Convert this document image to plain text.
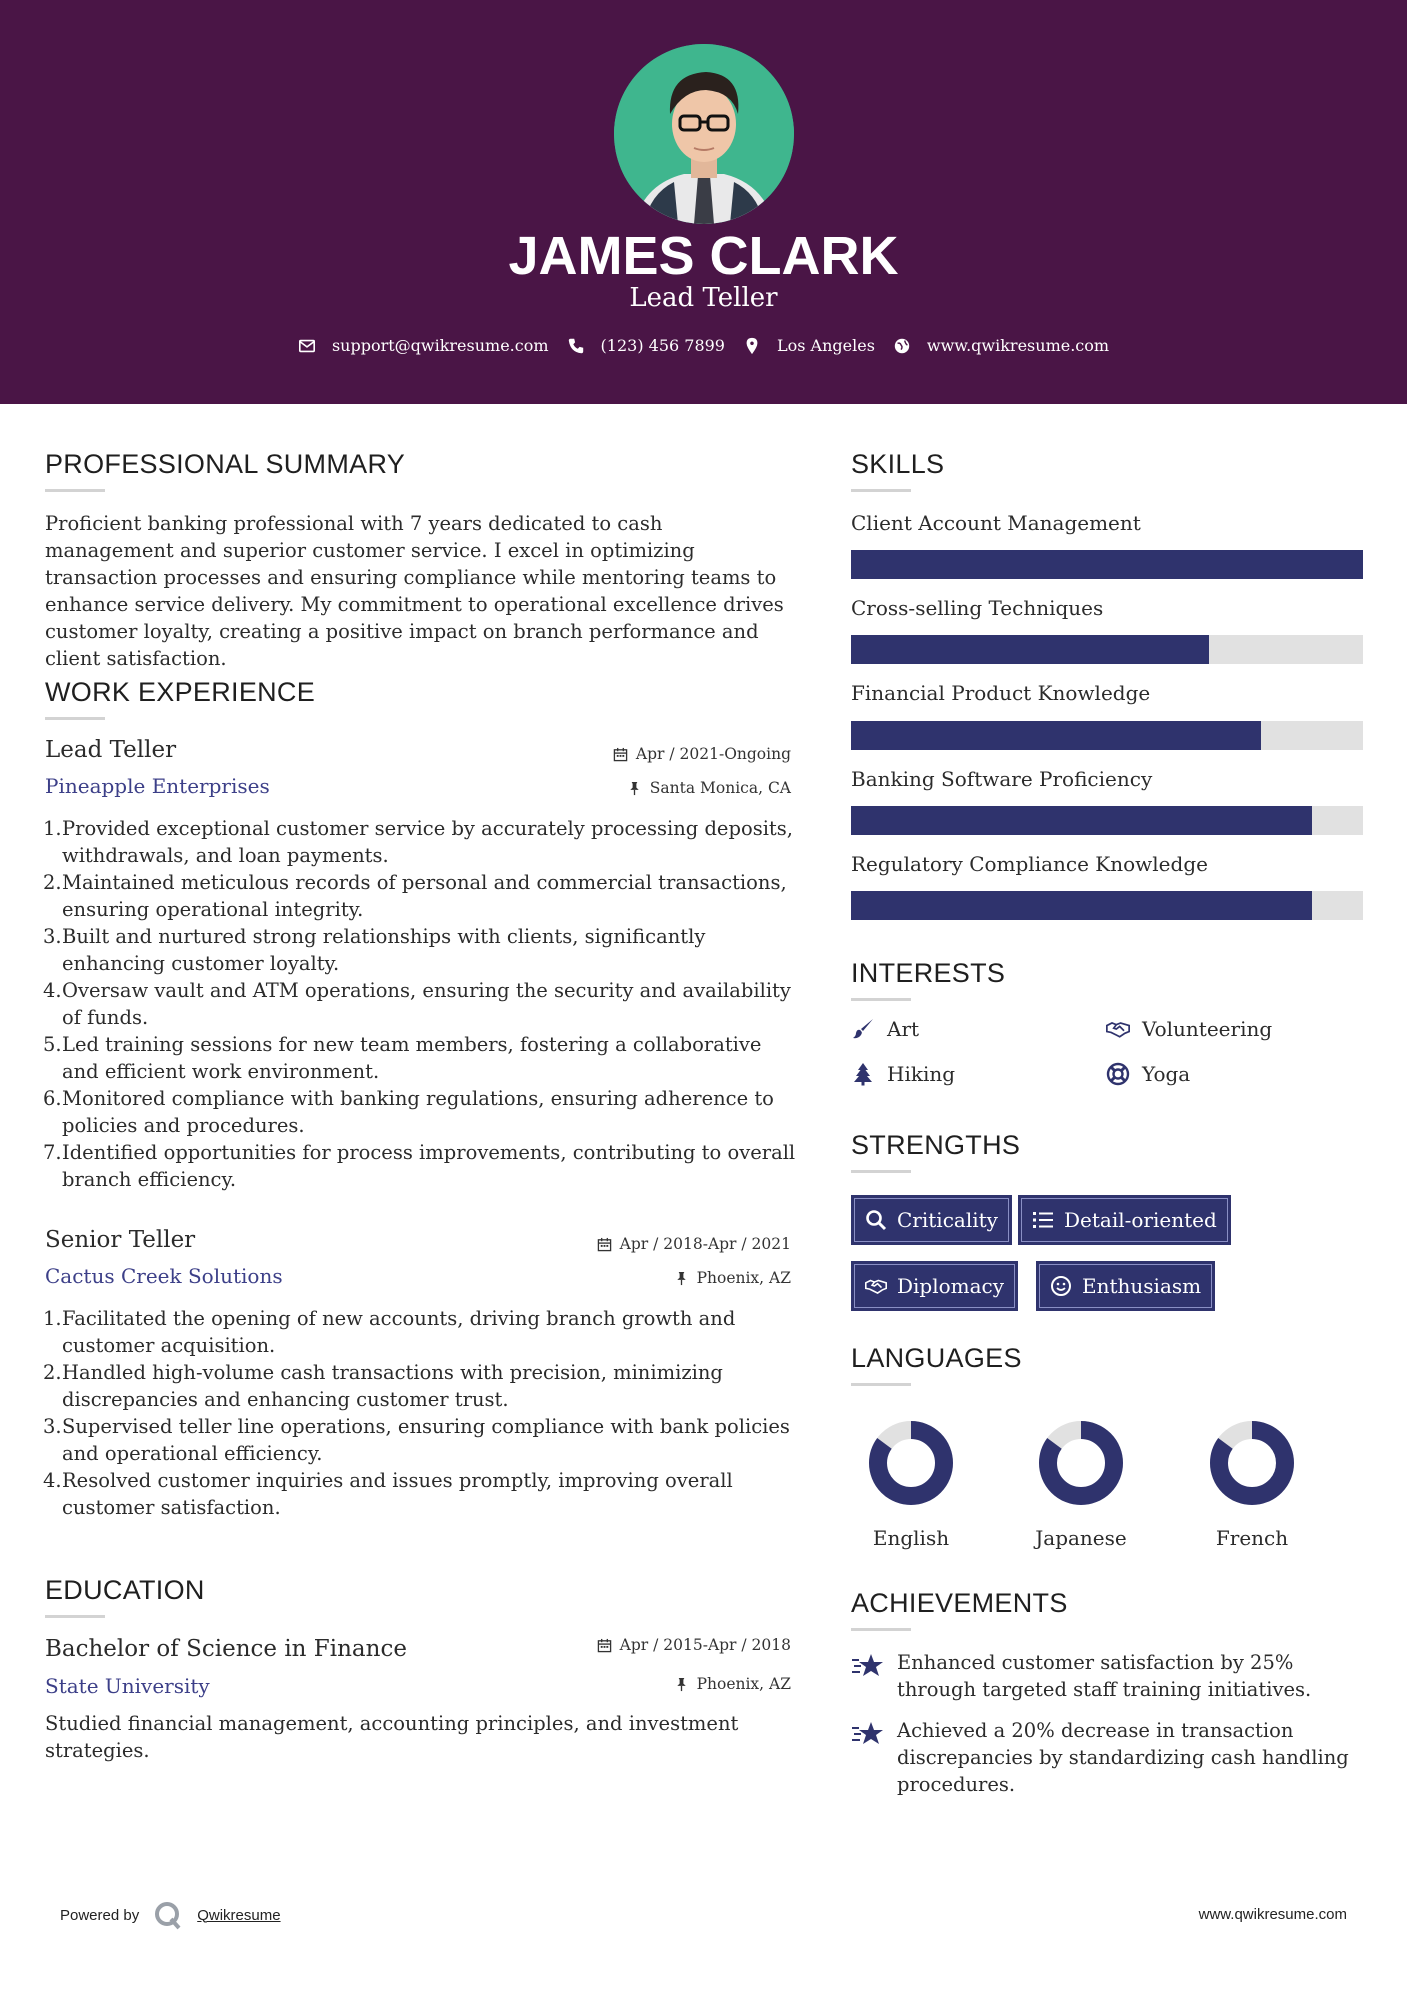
JAMES CLARK
Lead Teller
support@qwikresume.com	(123) 456 7899	Los Angeles	www.qwikresume.com
PROFESSIONAL SUMMARY
Proficient banking professional with 7 years dedicated to cash management and superior customer service. I excel in optimizing transaction processes and ensuring compliance while mentoring teams to enhance service delivery. My commitment to operational excellence drives customer loyalty, creating a positive impact on branch performance and client satisfaction.
WORK EXPERIENCE
Lead Teller
Pineapple Enterprises
Apr / 2021-Ongoing
Santa Monica, CA
1. Provided exceptional customer service by accurately processing deposits, withdrawals, and loan payments.
2. Maintained meticulous records of personal and commercial transactions, ensuring operational integrity.
3. Built and nurtured strong relationships with clients, significantly enhancing customer loyalty.
4. Oversaw vault and ATM operations, ensuring the security and availability of funds.
5. Led training sessions for new team members, fostering a collaborative and efficient work environment.
6. Monitored compliance with banking regulations, ensuring adherence to policies and procedures.
7. Identified opportunities for process improvements, contributing to overall branch efficiency.
Senior Teller
Cactus Creek Solutions
Apr / 2018-Apr / 2021
Phoenix, AZ
1. Facilitated the opening of new accounts, driving branch growth and customer acquisition.
2. Handled high-volume cash transactions with precision, minimizing discrepancies and enhancing customer trust.
3. Supervised teller line operations, ensuring compliance with bank policies and operational efficiency.
4. Resolved customer inquiries and issues promptly, improving overall customer satisfaction.
EDUCATION
Bachelor of Science in Finance
State University
Apr / 2015-Apr / 2018
Phoenix, AZ
Studied financial management, accounting principles, and investment strategies.
SKILLS
Client Account Management
Cross-selling Techniques
Financial Product Knowledge
Banking Software Proficiency
Regulatory Compliance Knowledge
INTERESTS
Art	Volunteering
Hiking	Yoga
STRENGTHS
Criticality	Detail-oriented
Diplomacy	Enthusiasm
LANGUAGES
English	Japanese	French
ACHIEVEMENTS
Enhanced customer satisfaction by 25% through targeted staff training initiatives.
Achieved a 20% decrease in transaction discrepancies by standardizing cash handling procedures.
Powered by	Qwikresume	www.qwikresume.com
